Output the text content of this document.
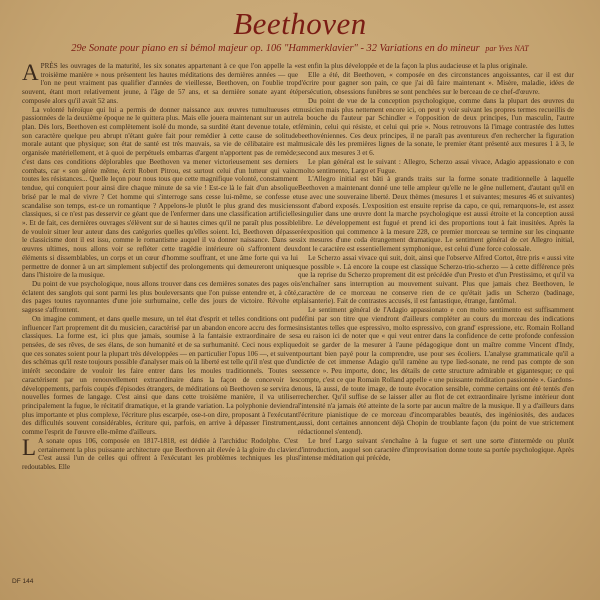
Beethoven
29e Sonate pour piano en si bémol majeur op. 106 "Hammerklavier" - 32 Variations en do mineur par Yves NAT

APRÈS les ouvrages de la maturité, les six sonates appartenant à ce que l'on appelle la « troisième manière » nous présentent les hautes méditations des dernières années — que l'on ne peut vraiment pas qualifier d'années de vieillesse, Beethoven, on l'oublie trop souvent, étant mort relativement jeune, à l'âge de 57 ans, et sa dernière sonate ayant été composée alors qu'il avait 52 ans.

La volonté héroïque qui lui a permis de donner naissance aux œuvres tumultueuses et passionnées de la deuxième époque ne le quittera plus. Mais elle jouera maintenant sur un autre plan. Dès lors, Beethoven est complètement isolé du monde, sa surdité étant devenue totale, et son caractère quelque peu abrupt n'étant guère fait pour remédier à cette cause de solitude morale autant que physique; son état de santé est très mauvais, sa vie de célibataire est mal organisée matériellement, et à quoi de perpétuels embarras d'argent n'apportent pas de remède; c'est dans ces conditions déplorables que Beethoven va mener victorieusement ses derniers combats, car « son génie même, écrit Robert Pitrou, est surtout celui d'un lutteur qui vainc toutes les résistances... Quelle leçon pour nous tous que cette magnifique volonté, constamment tendue, qui conquiert pour ainsi dire chaque minute de sa vie ! Est-ce là le fait d'un absolique brisé par le mal de vivre ? Cet homme qui s'interroge sans cesse lui-même, se confesse et scandalise son temps, est-ce un romantique ? Appelons-le plutôt le plus grand des musiciens classiques, si ce n'est pas desservir ce géant que de l'enfermer dans une classification artificielle ». Et de fait, ces dernières ouvrages s'élèvent sur de si hautes cimes qu'il ne paraît plus possible de vouloir situer leur auteur dans des catégories quelles qu'elles soient. Ici, Beethoven dépasse le classicisme dont il est issu, comme le romantisme auquel il va donner naissance. Dans ses œuvres ultimes, nous allons voir se refléter cette tragédie intérieure où s'affrontent deux éléments si dissemblables, un corps et un cœur d'homme souffrant, et une âme forte qui va lui permettre de donner à un art simplement subjectif des prolongements qui demeureront uniques dans l'histoire de la musique.

Du point de vue psychologique, nous allons trouver dans ces dernières sonates des pages où éclatent des sanglots qui sont parmi les plus bouleversants que l'on puisse entendre et, à côté, des pages toutes rayonnantes d'une joie surhumaine, celle des jours de victoire. Révolte et sagesse s'affrontent.

On imagine comment, et dans quelle mesure, un tel état d'esprit et telles conditions ont pu influencer l'art proprement dit du musicien, caractérisé par un abandon encore accru des formes classiques. La forme est, ici plus que jamais, soumise à la fantaisie extraordinaire de ses pensées, de ses rêves, de ses élans, de son humanité et de sa surhumanité. Ceci nous explique que ces sonates soient pour la plupart très développées — en particulier l'opus 106 —, et suivent des schémas qu'il reste toujours possible d'analyser mais où la liberté est telle qu'il n'est que d'un intérêt secondaire de vouloir les faire entrer dans les moules traditionnels. Toutes se caractérisent par un renouvellement extraordinaire dans la façon de concevoir les développements, parfois coupés d'épisodes étrangers, de méditations où Beethoven se servira de nouvelles formes de langage. C'est ainsi que dans cette troisième manière, il va utiliser principalement la fugue, le récitatif dramatique, et la grande variation. La polyphonie deviendra plus importante et plus complexe, l'écriture plus escarpée, ose-t-on dire, proposant à l'exécutant des difficultés souvent considérables, écriture qui, parfois, en arrive à dépasser l'instrument, comme l'esprit de l'œuvre elle-même d'ailleurs.

L A sonate opus 106, composée en 1817-1818, est dédiée à l'archiduc Rodolphe. C'est certainement la plus puissante architecture que Beethoven ait élevée à la gloire du clavier. C'est aussi l'un de celles qui offrent à l'exécutant les problèmes techniques les plus redoutables. Elle

est enfin la plus développée et de la façon la plus audacieuse et la plus originale.

Elle a été, dit Beethoven, « composée en des circonstances angoissantes, car il est dur d'écrire pour gagner son pain, ce que j'ai dû faire maintenant ». Misère, maladie, idées de persécution, obsessions funèbres se sont penchées sur le berceau de ce chef-d'œuvre.

Du point de vue de la conception psychologique, comme dans la plupart des œuvres du musicien mais plus nettement encore ici, on peut y voir suivant les propres termes recueillis de la bouche du l'auteur par Schindler « l'opposition de deux principes, l'un masculin, l'autre féminin, celui qui résiste, et celui qui prie ». Nous retrouvons là l'image contrastée des luttes beethovéniennes. Ces deux principes, il ne paraît pas aventureux d'en rechercher la figuration musicale dès les premières lignes de la sonate, le premier étant présenté aux mesures 1 à 3, le second aux mesures 3 et 6.

Le plan général est le suivant : Allegro, Scherzo assai vivace, Adagio appassionato e con molto sentimento, Largo et Fugue.

L'Allegro initial est bâti à grands traits sur la forme sonate traditionnelle à laquelle Beethoven a maintenant donné une telle ampleur qu'elle ne le gêne nullement, d'autant qu'il en use avec une souveraine liberté. Deux thèmes (mesures 1 et suivantes; mesures 46 et suivantes) sont d'abord exposés. L'exposition est ensuite reprise da capo, ce qui, remarquons-le, est assez singulier dans une œuvre dont la marche psychologique est aussi étroite et la conception aussi libre. Le développement est fugué et prend ici des proportions tout à fait inusitées. Après la réexposition qui commence à la mesure 228, ce premier morceau se termine sur les cinquante six mesures d'une coda étrangement dramatique. Le sentiment général de cet Allegro initial, dont le caractère est essentiellement symphonique, est celui d'une force colossale.

Le Scherzo assai vivace qui suit, doit, ainsi que l'observe Alfred Cortot, être pris « aussi vite que possible ». Là encore la coupe est classique Scherzo-trio-scherzo — à cette différence près que la reprise du Scherzo proprement dit est précédée d'un Presto et d'un Prestissimo, et qu'il va s'enchaîner sans interruption au mouvement suivant. Plus que jamais chez Beethoven, le caractère de ce morceau ne conserve rien de ce qu'était jadis un Scherzo (badinage, plaisanterie). Fait de contrastes accusés, il est fantastique, étrange, fantômal.

Le sentiment général de l'Adagio appassionato e con molto sentimento est suffisamment défini par son titre que viendront d'ailleurs compléter au cours du morceau des indications insistantes telles que espressivo, molto espressivo, con grand' espressione, etc. Romain Rolland a eu raison ici de noter que « qui veut entrer dans la confidence de cette profonde confession doit se garder de la mesurer à l'aune pédagogique dont un maître comme Vincent d'Indy, pourtant bien payé pour la comprendre, use pour ses écoliers. L'analyse grammaticale qu'il a dictée de cet immense Adagio qu'il ramène au type lied-sonate, ne rend pas compte de son essence ». Peu importe, donc, les détails de cette structure admirable et gigantesque; ce qui compte, c'est ce que Romain Rolland appelle « une puissante méditation passionnée ». Gardons-nous, là aussi, de toute image, de toute évocation sensible, comme certains ont été tentés d'en rechercher. Qu'il suffise de se laisser aller au flot de cet extraordinaire lyrisme intérieur dont l'intensité n'a jamais été atteinte de la sorte par aucun maître de la musique. Il y a d'ailleurs dans l'écriture pianistique de ce morceau d'incomparables beautés, des ingéniosités, des audaces aussi, dont certaines annoncent déjà Chopin de troublante façon (du point de vue strictement rédactionnel s'entend).

Le bref Largo suivant s'enchaîne à la fugue et sert une sorte d'intermède ou plutôt d'introduction, auquel son caractère d'improvisation donne toute sa portée psychologique. Après l'intense méditation qui précède,

DF 144
